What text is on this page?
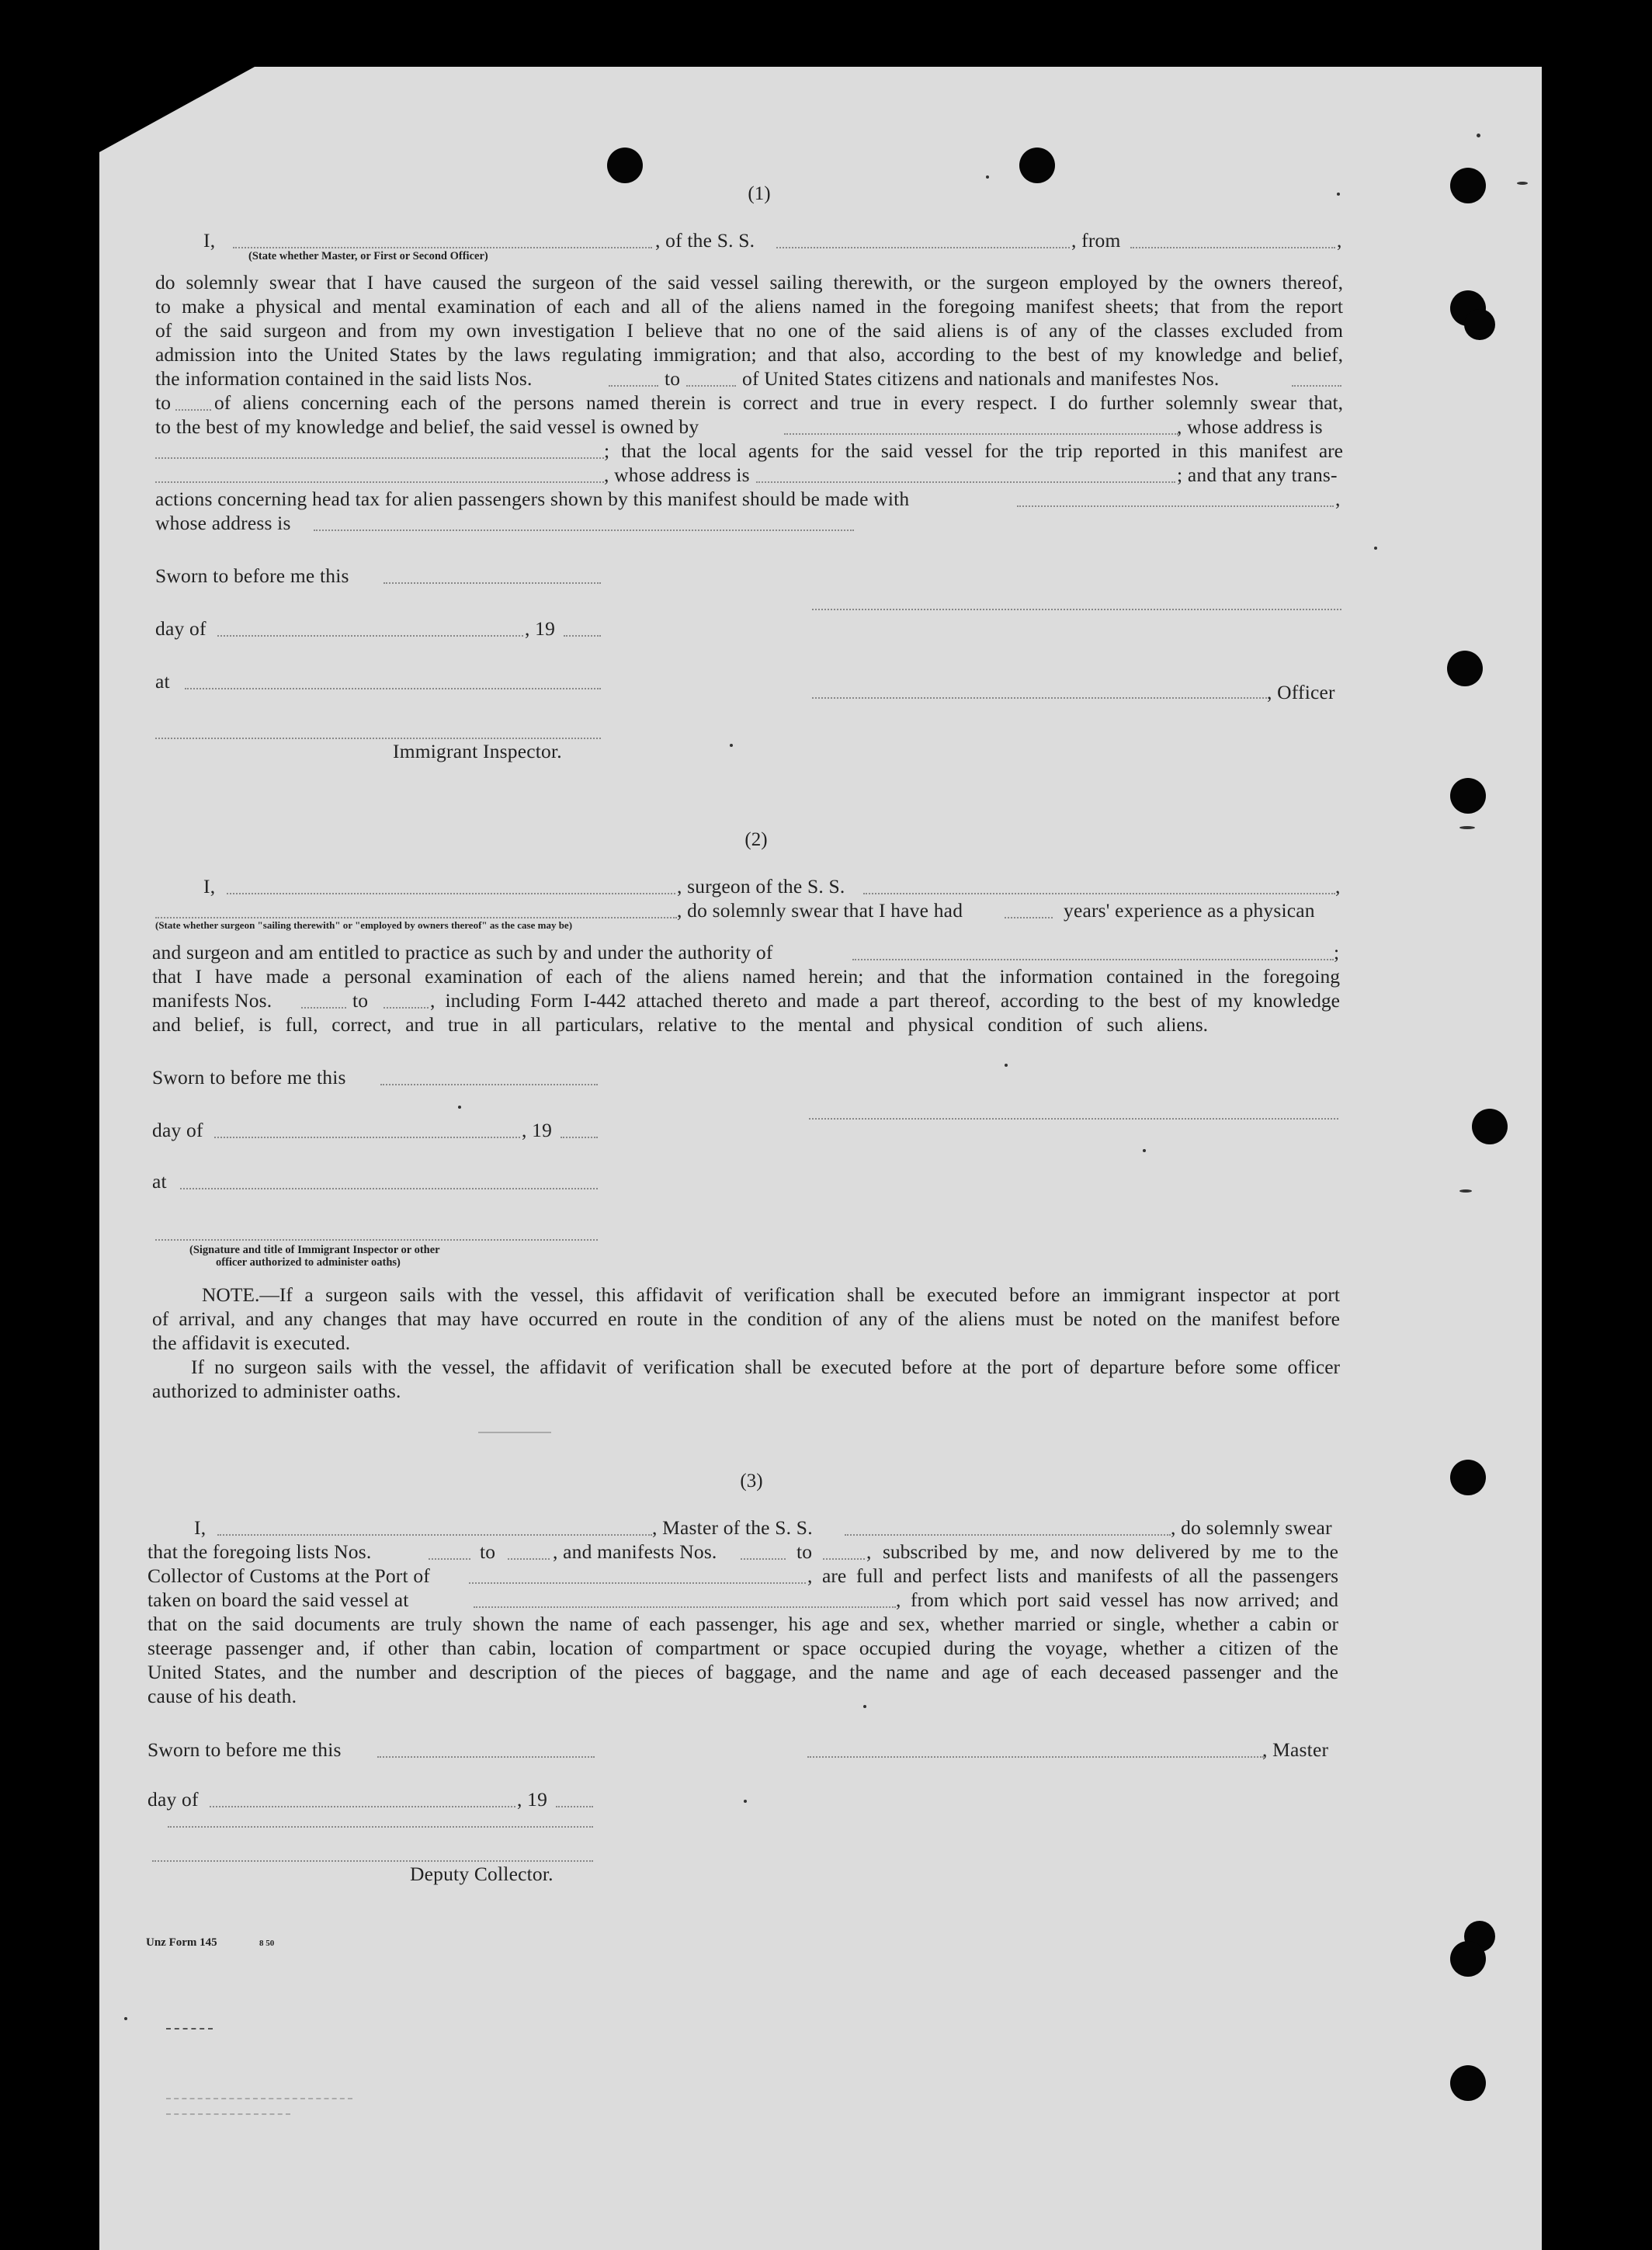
(1)
I,	, of the S. S.	, from	,
(State whether Master, or First or Second Officer)
do solemnly swear that I have caused the surgeon of the said vessel sailing therewith, or the surgeon employed by the owners thereof,
to make a physical and mental examination of each and all of the aliens named in the foregoing manifest sheets; that from the report
of the said surgeon and from my own investigation I believe that no one of the said aliens is of any of the classes excluded from
admission into the United States by the laws regulating immigration; and that also, according to the best of my knowledge and belief,
the information contained in the said lists Nos.	to	of United States citizens and nationals and manifestes Nos.
to of aliens concerning each of the persons named therein is correct and true in every respect. I do further solemnly swear that,
to the best of my knowledge and belief, the said vessel is owned by	, whose address is
; that the local agents for the said vessel for the trip reported in this manifest are
, whose address is	; and that any trans-
actions concerning head tax for alien passengers shown by this manifest should be made with	,
whose address is
Sworn to before me this
day of	, 19
at	, Officer
Immigrant Inspector.
(2)
I,	, surgeon of the S. S.	,
, do solemnly swear that I have had	years' experience as a physican
(State whether surgeon "sailing therewith" or "employed by owners thereof" as the case may be)
and surgeon and am entitled to practice as such by and under the authority of	;
that I have made a personal examination of each of the aliens named herein; and that the information contained in the foregoing
manifests Nos.	to	, including Form I-442 attached thereto and made a part thereof, according to the best of my knowledge
and belief, is full, correct, and true in all particulars, relative to the mental and physical condition of such aliens.
Sworn to before me this
day of	, 19
at
(Signature and title of Immigrant Inspector or other
officer authorized to administer oaths)
NOTE.—If a surgeon sails with the vessel, this affidavit of verification shall be executed before an immigrant inspector at port
of arrival, and any changes that may have occurred en route in the condition of any of the aliens must be noted on the manifest before
the affidavit is executed.
If no surgeon sails with the vessel, the affidavit of verification shall be executed before at the port of departure before some officer
authorized to administer oaths.
(3)
I,	, Master of the S. S.	, do solemnly swear
that the foregoing lists Nos.	to	, and manifests Nos.	to	, subscribed by me, and now delivered by me to the
Collector of Customs at the Port of	, are full and perfect lists and manifests of all the passengers
taken on board the said vessel at	, from which port said vessel has now arrived; and
that on the said documents are truly shown the name of each passenger, his age and sex, whether married or single, whether a cabin or
steerage passenger and, if other than cabin, location of compartment or space occupied during the voyage, whether a citizen of the
United States, and the number and description of the pieces of baggage, and the name and age of each deceased passenger and the
cause of his death.
Sworn to before me this	, Master
day of	, 19
Deputy Collector.
Unz Form 145	8 50
